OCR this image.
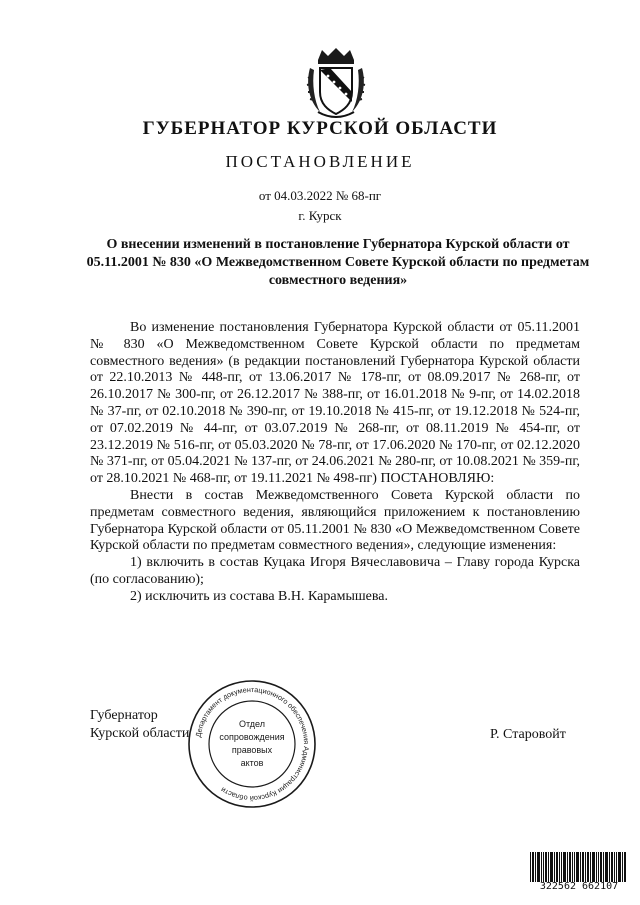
ГУБЕРНАТОР КУРСКОЙ ОБЛАСТИ
ПОСТАНОВЛЕНИЕ
от 04.03.2022 № 68-пг
г. Курск
О внесении изменений в постановление Губернатора Курской области от 05.11.2001 № 830 «О Межведомственном Совете Курской области по предметам совместного ведения»

Во изменение постановления Губернатора Курской области от 05.11.2001 № 830 «О Межведомственном Совете Курской области по предметам совместного ведения» (в редакции постановлений Губернатора Курской области от 22.10.2013 № 448-пг, от 13.06.2017 № 178-пг, от 08.09.2017 № 268-пг, от 26.10.2017 № 300-пг, от 26.12.2017 № 388-пг, от 16.01.2018 № 9-пг, от 14.02.2018 № 37-пг, от 02.10.2018 № 390-пг, от 19.10.2018 № 415-пг, от 19.12.2018 № 524-пг, от 07.02.2019 № 44-пг, от 03.07.2019 № 268-пг, от 08.11.2019 № 454-пг, от 23.12.2019 № 516-пг, от 05.03.2020 № 78-пг, от 17.06.2020 № 170-пг, от 02.12.2020 № 371-пг, от 05.04.2021 № 137-пг, от 24.06.2021 № 280-пг, от 10.08.2021 № 359-пг, от 28.10.2021 № 468-пг, от 19.11.2021 № 498-пг) ПОСТАНОВЛЯЮ:

Внести в состав Межведомственного Совета Курской области по предметам совместного ведения, являющийся приложением к постановлению Губернатора Курской области от 05.11.2001 № 830 «О Межведомственном Совете Курской области по предметам совместного ведения», следующие изменения:

1) включить в состав Куцака Игоря Вячеславовича – Главу города Курска (по согласованию);

2) исключить из состава В.Н. Карамышева.

Губернатор
Курской области Департамент документационного обеспечения Администрации Курской области
Отдел
сопровождения
правовых
актов
Р. Старовойт
322562 662107
